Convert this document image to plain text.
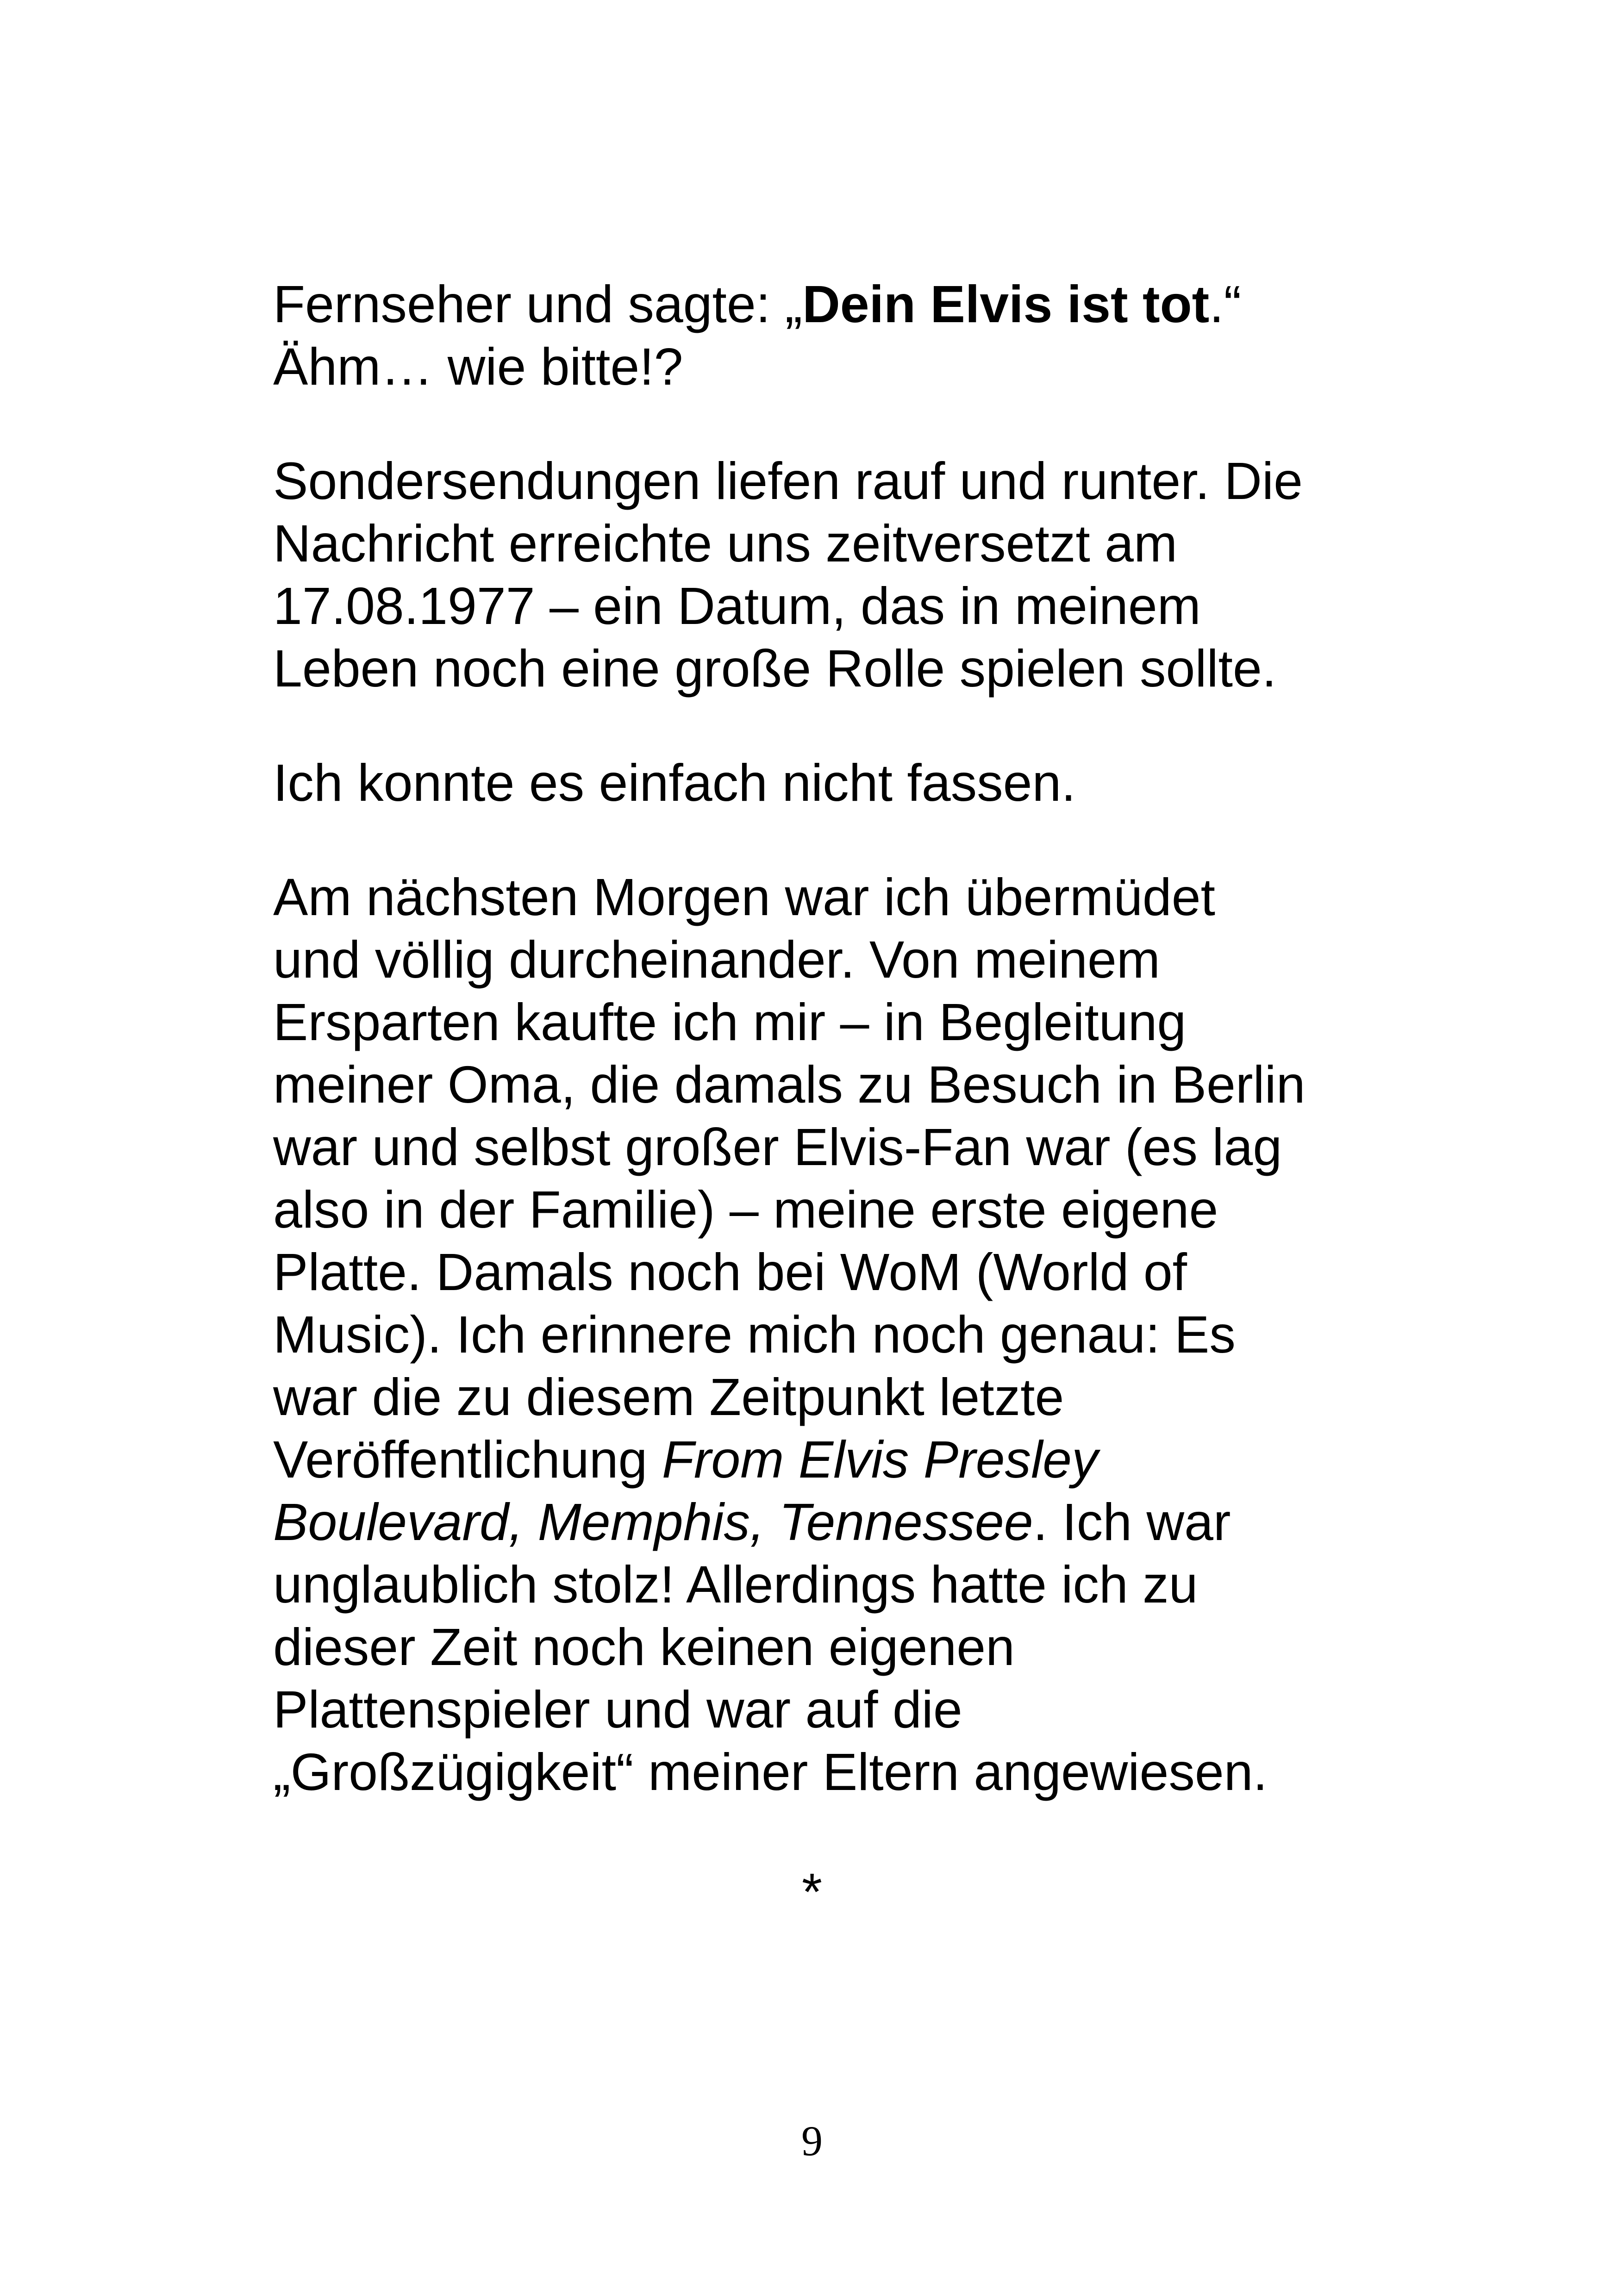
Fernseher und sagte: „Dein Elvis ist tot.“
Ähm… wie bitte!?

Sondersendungen liefen rauf und runter. Die
Nachricht erreichte uns zeitversetzt am
17.08.1977 – ein Datum, das in meinem
Leben noch eine große Rolle spielen sollte.

Ich konnte es einfach nicht fassen.

Am nächsten Morgen war ich übermüdet
und völlig durcheinander. Von meinem
Ersparten kaufte ich mir – in Begleitung
meiner Oma, die damals zu Besuch in Berlin
war und selbst großer Elvis-Fan war (es lag
also in der Familie) – meine erste eigene
Platte. Damals noch bei WoM (World of
Music). Ich erinnere mich noch genau: Es
war die zu diesem Zeitpunkt letzte
Veröffentlichung From Elvis Presley
Boulevard, Memphis, Tennessee. Ich war
unglaublich stolz! Allerdings hatte ich zu
dieser Zeit noch keinen eigenen
Plattenspieler und war auf die
„Großzügigkeit“ meiner Eltern angewiesen.

*
9
